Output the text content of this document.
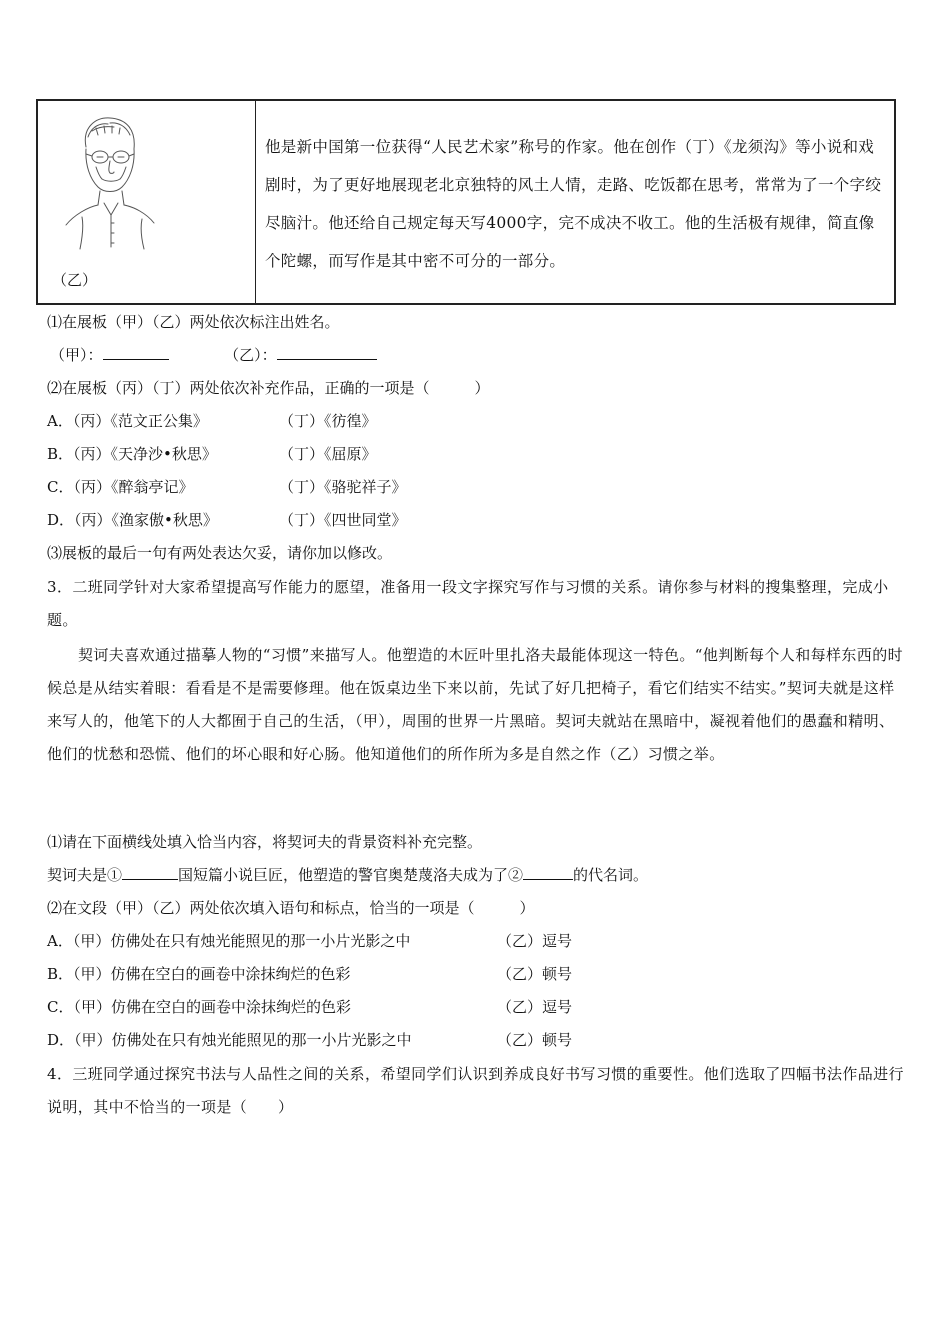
（乙）
他是新中国第一位获得“人民艺术家”称号的作家。他在创作（丁）《龙须沟》等小说和戏剧时，为了更好地展现老北京独特的风土人情，走路、吃饭都在思考，常常为了一个字绞尽脑汁。他还给自己规定每天写4000字，完不成决不收工。他的生活极有规律，简直像个陀螺，而写作是其中密不可分的一部分。
⑴在展板（甲）（乙）两处依次标注出姓名。
（甲）：	（乙）：
⑵在展板（丙）（丁）两处依次补充作品，正确的一项是（　　　）
A．（丙）《范文正公集》	（丁）《彷徨》
B．（丙）《天净沙•秋思》	（丁）《屈原》
C．（丙）《醉翁亭记》	（丁）《骆驼祥子》
D．（丙）《渔家傲•秋思》	（丁）《四世同堂》
⑶展板的最后一句有两处表达欠妥，请你加以修改。
3．二班同学针对大家希望提高写作能力的愿望，准备用一段文字探究写作与习惯的关系。请你参与材料的搜集整理，完成小题。
契诃夫喜欢通过描摹人物的“习惯”来描写人。他塑造的木匠叶里扎洛夫最能体现这一特色。“他判断每个人和每样东西的时候总是从结实着眼：看看是不是需要修理。他在饭桌边坐下来以前，先试了好几把椅子，看它们结实不结实。”契诃夫就是这样来写人的，他笔下的人大都囿于自己的生活，（甲），周围的世界一片黑暗。契诃夫就站在黑暗中，凝视着他们的愚蠢和精明、他们的忧愁和恐慌、他们的坏心眼和好心肠。他知道他们的所作所为多是自然之作（乙）习惯之举。
⑴请在下面横线处填入恰当内容，将契诃夫的背景资料补充完整。
契诃夫是①	国短篇小说巨匠，他塑造的警官奥楚蔑洛夫成为了②	的代名词。
⑵在文段（甲）（乙）两处依次填入语句和标点，恰当的一项是（　　　）
A．（甲）仿佛处在只有烛光能照见的那一小片光影之中	（乙）逗号
B．（甲）仿佛在空白的画卷中涂抹绚烂的色彩	（乙）顿号
C．（甲）仿佛在空白的画卷中涂抹绚烂的色彩	（乙）逗号
D．（甲）仿佛处在只有烛光能照见的那一小片光影之中	（乙）顿号
4．三班同学通过探究书法与人品性之间的关系，希望同学们认识到养成良好书写习惯的重要性。他们选取了四幅书法作品进行说明，其中不恰当的一项是（　　）
